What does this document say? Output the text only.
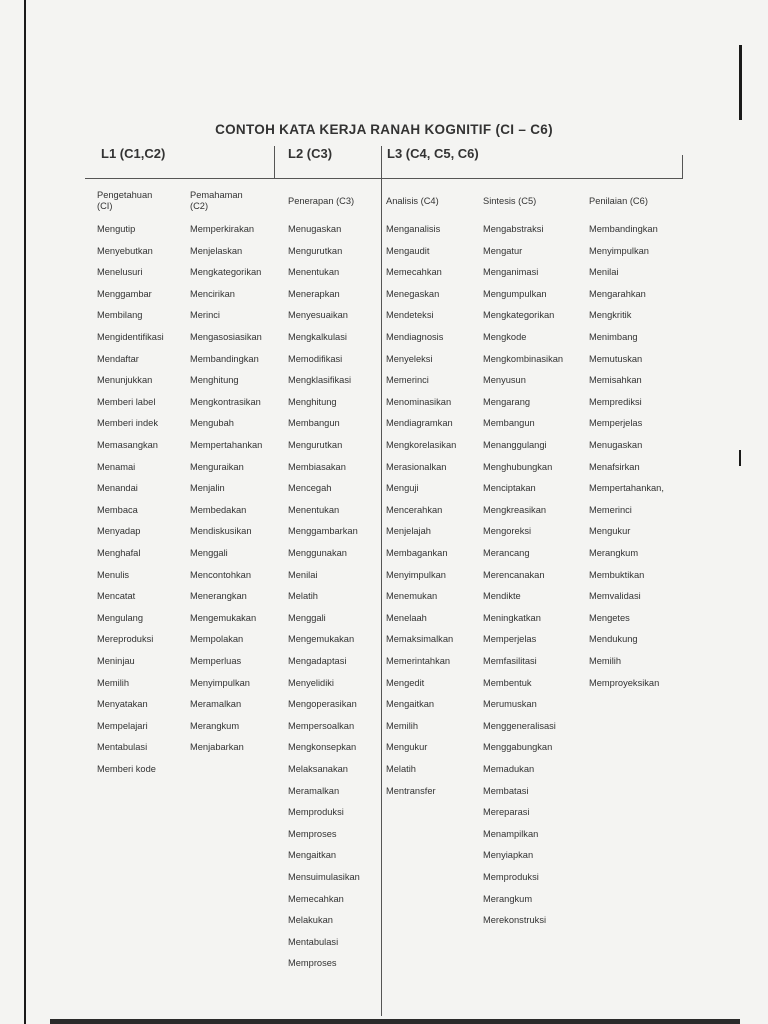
CONTOH KATA KERJA RANAH KOGNITIF (CI – C6)
L1 (C1,C2)	L2 (C3)	L3 (C4, C5, C6)
Pengetahuan
(CI)
Mengutip
Menyebutkan
Menelusuri
Menggambar
Membilang
Mengidentifikasi
Mendaftar
Menunjukkan
Memberi label
Memberi indek
Memasangkan
Menamai
Menandai
Membaca
Menyadap
Menghafal
Menulis
Mencatat
Mengulang
Mereproduksi
Meninjau
Memilih
Menyatakan
Mempelajari
Mentabulasi
Memberi kode
Pemahaman
(C2)
Memperkirakan
Menjelaskan
Mengkategorikan
Mencirikan
Merinci
Mengasosiasikan
Membandingkan
Menghitung
Mengkontrasikan
Mengubah
Mempertahankan
Menguraikan
Menjalin
Membedakan
Mendiskusikan
Menggali
Mencontohkan
Menerangkan
Mengemukakan
Mempolakan
Memperluas
Menyimpulkan
Meramalkan
Merangkum
Menjabarkan
Penerapan (C3)
Menugaskan
Mengurutkan
Menentukan
Menerapkan
Menyesuaikan
Mengkalkulasi
Memodifikasi
Mengklasifikasi
Menghitung
Membangun
Mengurutkan
Membiasakan
Mencegah
Menentukan
Menggambarkan
Menggunakan
Menilai
Melatih
Menggali
Mengemukakan
Mengadaptasi
Menyelidiki
Mengoperasikan
Mempersoalkan
Mengkonsepkan
Melaksanakan
Meramalkan
Memproduksi
Memproses
Mengaitkan
Mensuimulasikan
Memecahkan
Melakukan
Mentabulasi
Memproses
Analisis (C4)
Menganalisis
Mengaudit
Memecahkan
Menegaskan
Mendeteksi
Mendiagnosis
Menyeleksi
Memerinci
Menominasikan
Mendiagramkan
Mengkorelasikan
Merasionalkan
Menguji
Mencerahkan
Menjelajah
Membagankan
Menyimpulkan
Menemukan
Menelaah
Memaksimalkan
Memerintahkan
Mengedit
Mengaitkan
Memilih
Mengukur
Melatih
Mentransfer
Sintesis (C5)
Mengabstraksi
Mengatur
Menganimasi
Mengumpulkan
Mengkategorikan
Mengkode
Mengkombinasikan
Menyusun
Mengarang
Membangun
Menanggulangi
Menghubungkan
Menciptakan
Mengkreasikan
Mengoreksi
Merancang
Merencanakan
Mendikte
Meningkatkan
Memperjelas
Memfasilitasi
Membentuk
Merumuskan
Menggeneralisasi
Menggabungkan
Memadukan
Membatasi
Mereparasi
Menampilkan
Menyiapkan
Memproduksi
Merangkum
Merekonstruksi
Penilaian (C6)
Membandingkan
Menyimpulkan
Menilai
Mengarahkan
Mengkritik
Menimbang
Memutuskan
Memisahkan
Memprediksi
Memperjelas
Menugaskan
Menafsirkan
Mempertahankan,
Memerinci
Mengukur
Merangkum
Membuktikan
Memvalidasi
Mengetes
Mendukung
Memilih
Memproyeksikan
